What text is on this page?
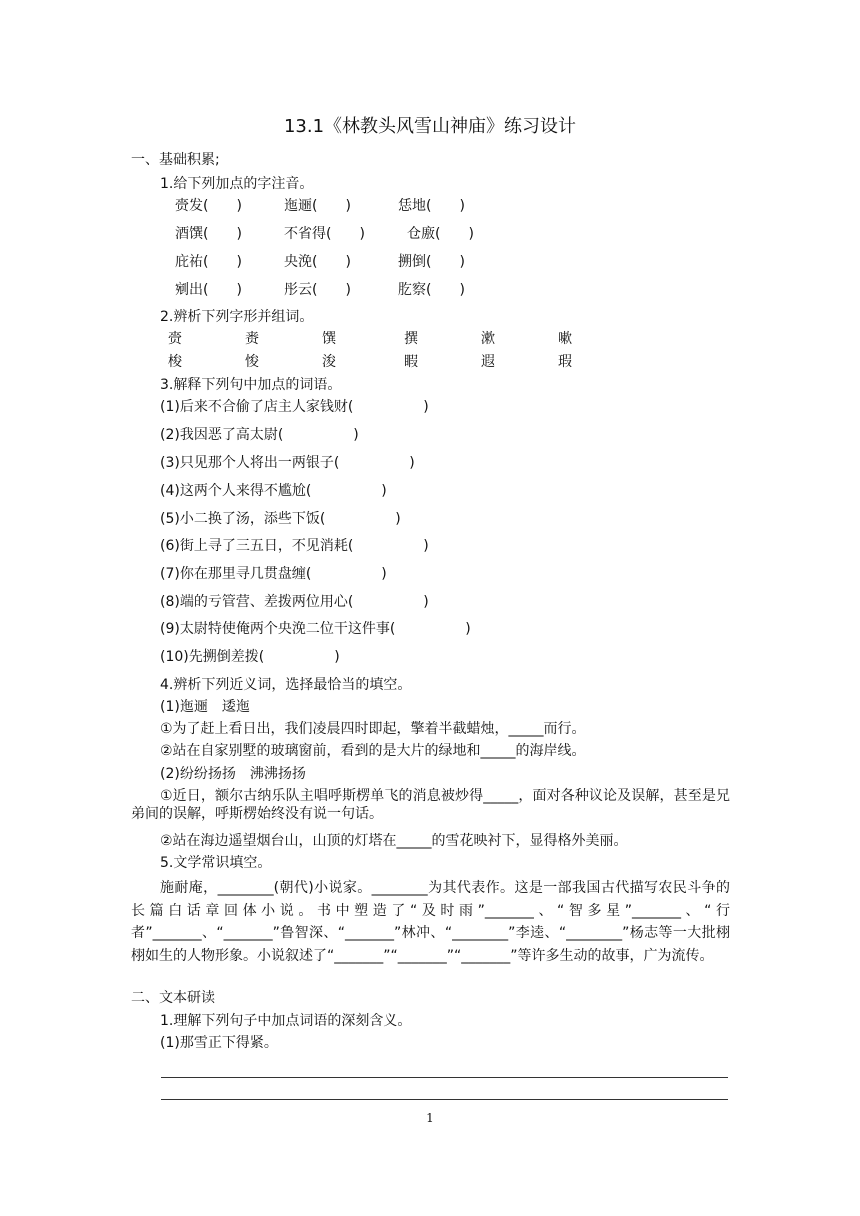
13.1《林教头风雪山神庙》练习设计
一、基础积累;
1.给下列加点的字注音。
赍发(　　)	迤逦(　　)	恁地(　　)
酒馔(　　)	不省得(　　)	仓廒(　　)
庇祐(　　)	央浼(　　)	搠倒(　　)
剜出(　　)	彤云(　　)	肐察(　　)
2.辨析下列字形并组词。
赍	赉	馔	撰	漱	嗽
梭	悛	浚	睱	遐	瑕
3.解释下列句中加点的词语。
(1)后来不合偷了店主人家钱财(　　　　　)
(2)我因恶了高太尉(　　　　　)
(3)只见那个人将出一两银子(　　　　　)
(4)这两个人来得不尴尬(　　　　　)
(5)小二换了汤，添些下饭(　　　　　)
(6)街上寻了三五日，不见消耗(　　　　　)
(7)你在那里寻几贯盘缠(　　　　　)
(8)端的亏管营、差拨两位用心(　　　　　)
(9)太尉特使俺两个央浼二位干这件事(　　　　　)
(10)先搠倒差拨(　　　　　)
4.辨析下列近义词，选择最恰当的填空。
(1)迤逦　逶迤
①为了赶上看日出，我们凌晨四时即起，擎着半截蜡烛，_____而行。
②站在自家别墅的玻璃窗前，看到的是大片的绿地和_____的海岸线。
(2)纷纷扬扬　沸沸扬扬
①近日，额尔古纳乐队主唱呼斯楞单飞的消息被炒得_____，面对各种议论及误解，甚至是兄弟间的误解，呼斯楞始终没有说一句话。
②站在海边遥望烟台山，山顶的灯塔在_____的雪花映衬下，显得格外美丽。
5.文学常识填空。
施耐庵，________(朝代)小说家。________为其代表作。这是一部我国古代描写农民斗争的长篇白话章回体小说。书中塑造了“及时雨”_______、“智多星”_______、“行者”_______、“_______”鲁智深、“_______”林冲、“________”李逵、“________”杨志等一大批栩栩如生的人物形象。小说叙述了“_______”“_______”“_______”等许多生动的故事，广为流传。
二、文本研读
1.理解下列句子中加点词语的深刻含义。
(1)那雪正下得紧。
1
